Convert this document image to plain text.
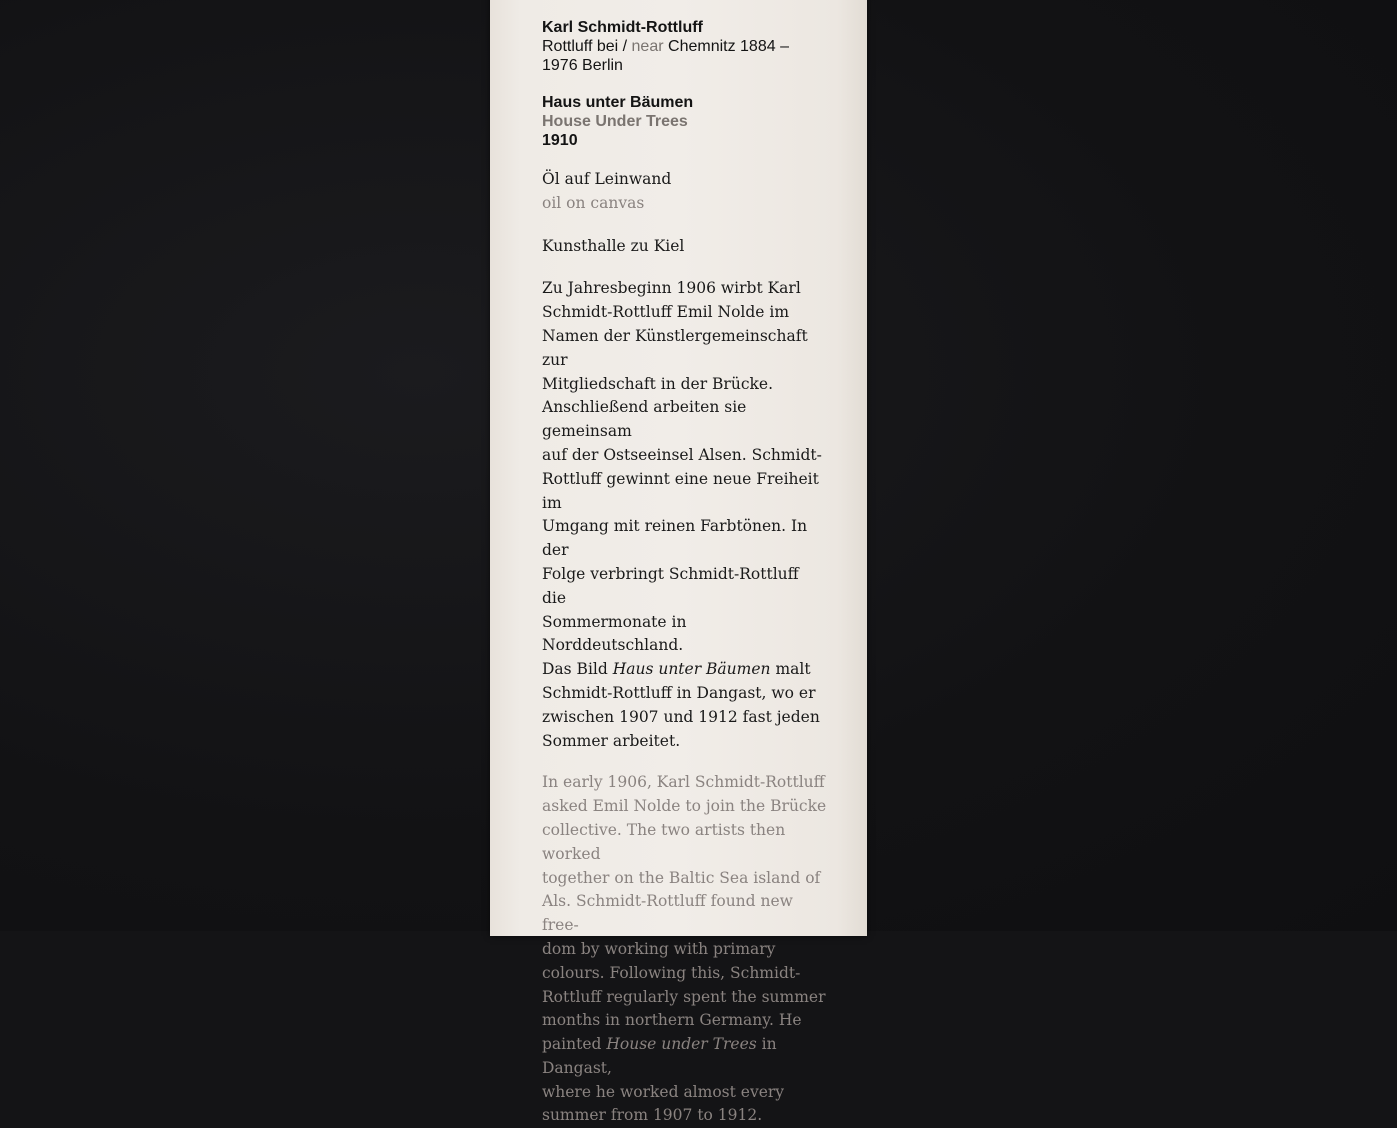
Karl Schmidt-Rottluff
Rottluff bei / near Chemnitz 1884 –
1976 Berlin
Haus unter Bäumen
House Under Trees
1910
Öl auf Leinwand
oil on canvas
Kunsthalle zu Kiel
Zu Jahresbeginn 1906 wirbt Karl
Schmidt-Rottluff Emil Nolde im
Namen der Künstlergemeinschaft zur
Mitgliedschaft in der Brücke.
Anschließend arbeiten sie gemeinsam
auf der Ostseeinsel Alsen. Schmidt-
Rottluff gewinnt eine neue Freiheit im
Umgang mit reinen Farbtönen. In der
Folge verbringt Schmidt-Rottluff die
Sommermonate in Norddeutschland.
Das Bild Haus unter Bäumen malt
Schmidt-Rottluff in Dangast, wo er
zwischen 1907 und 1912 fast jeden
Sommer arbeitet.
In early 1906, Karl Schmidt-Rottluff
asked Emil Nolde to join the Brücke
collective. The two artists then worked
together on the Baltic Sea island of
Als. Schmidt-Rottluff found new free-
dom by working with primary
colours. Following this, Schmidt-
Rottluff regularly spent the summer
months in northern Germany. He
painted House under Trees in Dangast,
where he worked almost every
summer from 1907 to 1912.
